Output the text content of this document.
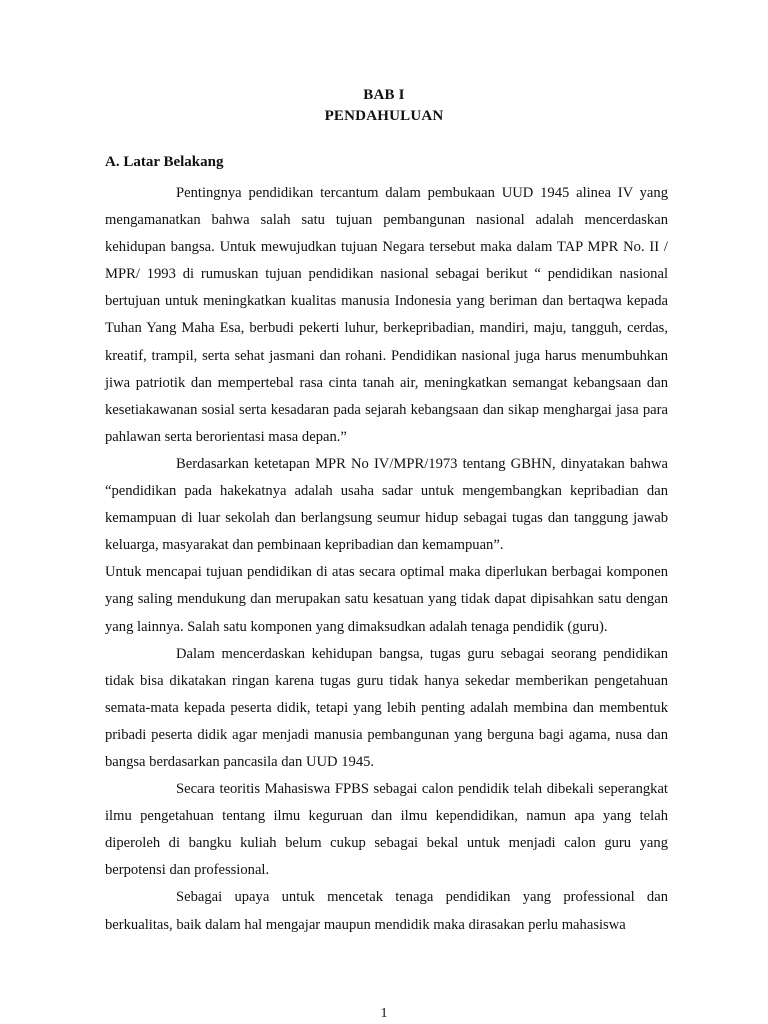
BAB I
PENDAHULUAN
A. Latar Belakang

Pentingnya pendidikan tercantum dalam pembukaan UUD 1945 alinea IV yang mengamanatkan bahwa salah satu tujuan pembangunan nasional adalah mencerdaskan kehidupan bangsa. Untuk mewujudkan tujuan Negara tersebut maka dalam TAP MPR No. II / MPR/ 1993 di rumuskan tujuan pendidikan nasional sebagai berikut “ pendidikan nasional bertujuan untuk meningkatkan kualitas manusia Indonesia yang beriman dan bertaqwa kepada Tuhan Yang Maha Esa, berbudi pekerti luhur, berkepribadian, mandiri, maju, tangguh, cerdas, kreatif, trampil, serta sehat jasmani dan rohani. Pendidikan nasional juga harus menumbuhkan jiwa patriotik dan mempertebal rasa cinta tanah air, meningkatkan semangat kebangsaan dan kesetiakawanan sosial serta kesadaran pada sejarah kebangsaan dan sikap menghargai jasa para pahlawan serta berorientasi masa depan.”

Berdasarkan ketetapan MPR No IV/MPR/1973 tentang GBHN, dinyatakan bahwa “pendidikan pada hakekatnya adalah usaha sadar untuk mengembangkan kepribadian dan kemampuan di luar sekolah dan berlangsung seumur hidup sebagai tugas dan tanggung jawab keluarga, masyarakat dan pembinaan kepribadian dan kemampuan”.

Untuk mencapai tujuan pendidikan di atas secara optimal maka diperlukan berbagai komponen yang saling mendukung dan merupakan satu kesatuan yang tidak dapat dipisahkan satu dengan yang lainnya. Salah satu komponen yang dimaksudkan adalah tenaga pendidik (guru).

Dalam mencerdaskan kehidupan bangsa, tugas guru sebagai seorang pendidikan tidak bisa dikatakan ringan karena tugas guru tidak hanya sekedar memberikan pengetahuan semata-mata kepada peserta didik, tetapi yang lebih penting adalah membina dan membentuk pribadi peserta didik agar menjadi manusia pembangunan yang berguna bagi agama, nusa dan bangsa berdasarkan pancasila dan UUD 1945.

Secara teoritis Mahasiswa FPBS sebagai calon pendidik telah dibekali seperangkat ilmu pengetahuan tentang ilmu keguruan dan ilmu kependidikan, namun apa yang telah diperoleh di bangku kuliah belum cukup sebagai bekal untuk menjadi calon guru yang berpotensi dan professional.

Sebagai upaya untuk mencetak tenaga pendidikan yang professional dan berkualitas, baik dalam hal mengajar maupun mendidik maka dirasakan perlu mahasiswa

1
